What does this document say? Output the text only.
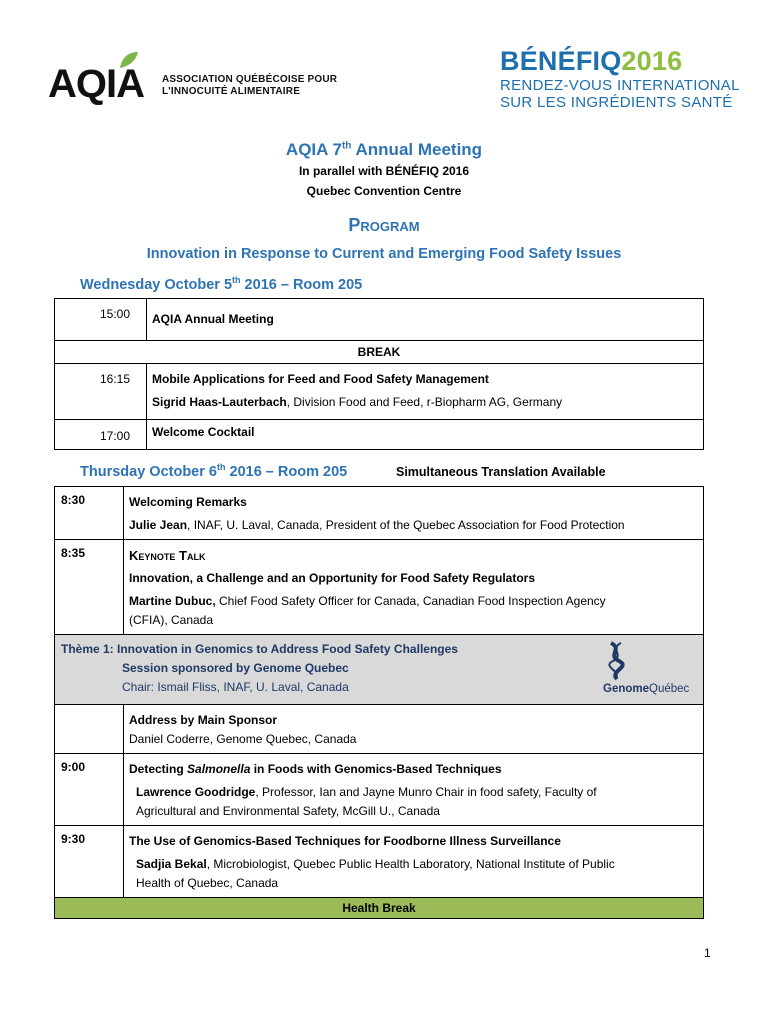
AQIA ASSOCIATION QUÉBÉCOISE POUR
L'INNOCUITÉ ALIMENTAIRE
BÉNÉFIQ2016
RENDEZ-VOUS INTERNATIONAL
SUR LES INGRÉDIENTS SANTÉ
AQIA 7th Annual Meeting
In parallel with BÉNÉFIQ 2016
Quebec Convention Centre
Program
Innovation in Response to Current and Emerging Food Safety Issues
Wednesday October 5th 2016 – Room 205
15:00	AQIA Annual Meeting
BREAK	
16:15	Mobile Applications for Feed and Food Safety Management
Sigrid Haas-Lauterbach, Division Food and Feed, r-Biopharm AG, Germany

17:00	Welcome Cocktail
Thursday October 6th 2016 – Room 205	Simultaneous Translation Available
8:30	Welcoming Remarks
Julie Jean, INAF, U. Laval, Canada, President of the Quebec Association for Food Protection

8:35	Keynote Talk
Innovation, a Challenge and an Opportunity for Food Safety Regulators
Martine Dubuc, Chief Food Safety Officer for Canada, Canadian Food Inspection Agency
(CFIA), Canada

Thème 1: Innovation in Genomics to Address Food Safety Challenges
Session sponsored by Genome Quebec
Chair: Ismail Fliss, INAF, U. Laval, Canada GenomeQuébec	

	Address by Main Sponsor
Daniel Coderre, Genome Quebec, Canada

9:00	Detecting Salmonella in Foods with Genomics-Based Techniques
Lawrence Goodridge, Professor, Ian and Jayne Munro Chair in food safety, Faculty of
Agricultural and Environmental Safety, McGill U., Canada

9:30	The Use of Genomics-Based Techniques for Foodborne Illness Surveillance
Sadjia Bekal, Microbiologist, Quebec Public Health Laboratory, National Institute of Public
Health of Quebec, Canada

Health Break	
1
